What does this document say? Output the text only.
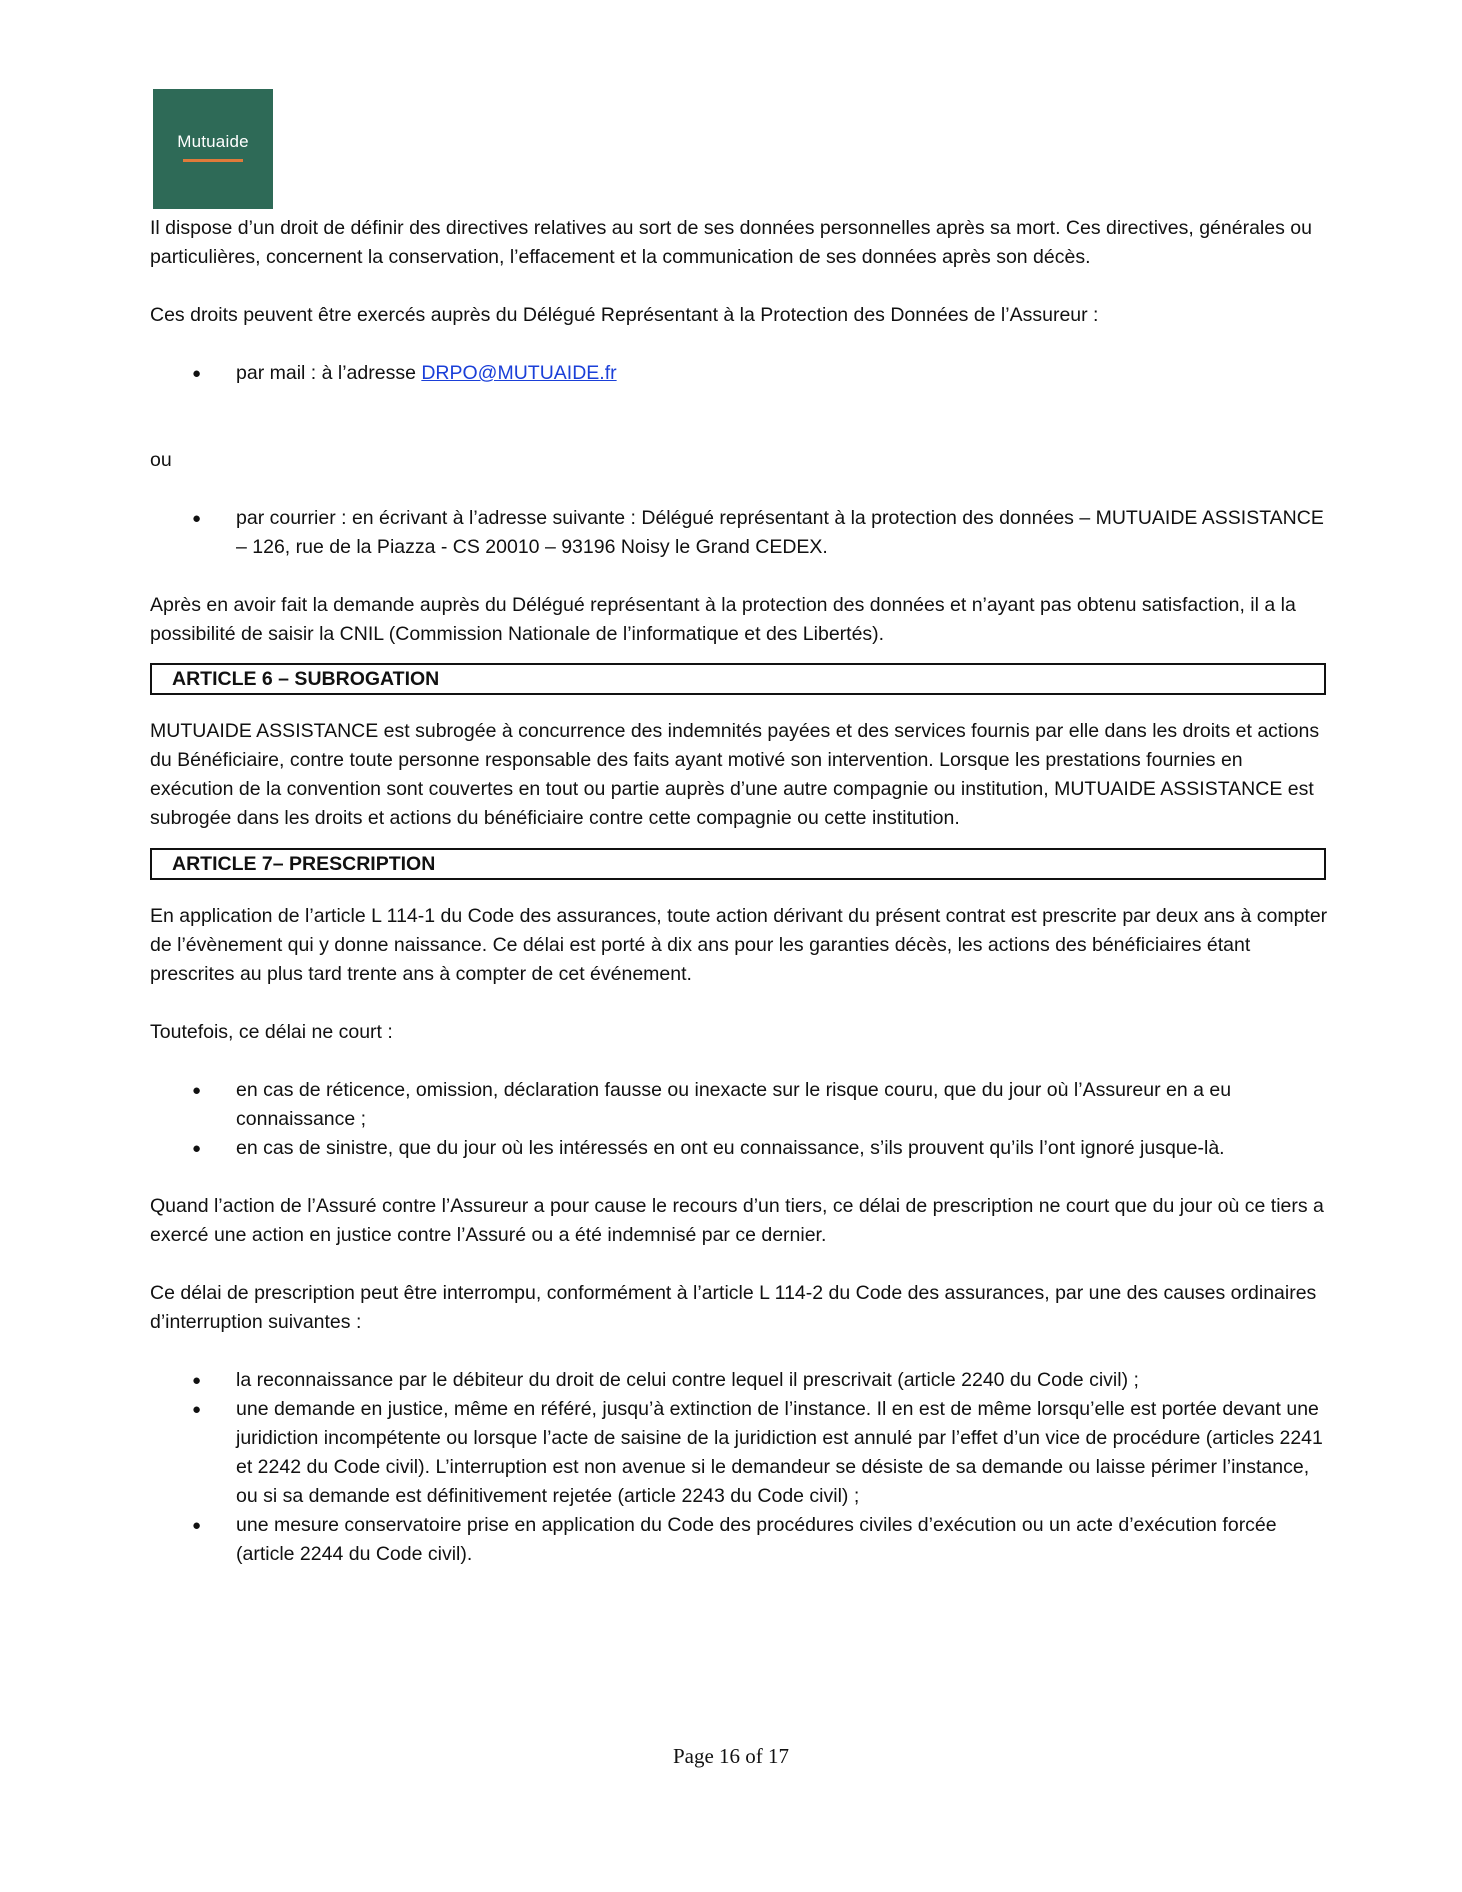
Mutuaide

Il dispose d’un droit de définir des directives relatives au sort de ses données personnelles après sa mort. Ces directives, générales ou particulières, concernent la conservation, l’effacement et la communication de ses données après son décès.

Ces droits peuvent être exercés auprès du Délégué Représentant à la Protection des Données de l’Assureur :

● par mail : à l’adresse DRPO@MUTUAIDE.fr

ou

● par courrier : en écrivant à l’adresse suivante : Délégué représentant à la protection des données – MUTUAIDE ASSISTANCE – 126, rue de la Piazza - CS 20010 – 93196 Noisy le Grand CEDEX.

Après en avoir fait la demande auprès du Délégué représentant à la protection des données et n’ayant pas obtenu satisfaction, il a la possibilité de saisir la CNIL (Commission Nationale de l’informatique et des Libertés).

ARTICLE 6 – SUBROGATION

MUTUAIDE ASSISTANCE est subrogée à concurrence des indemnités payées et des services fournis par elle dans les droits et actions du Bénéficiaire, contre toute personne responsable des faits ayant motivé son intervention. Lorsque les prestations fournies en exécution de la convention sont couvertes en tout ou partie auprès d’une autre compagnie ou institution, MUTUAIDE ASSISTANCE est subrogée dans les droits et actions du bénéficiaire contre cette compagnie ou cette institution.

ARTICLE 7– PRESCRIPTION

En application de l’article L 114-1 du Code des assurances, toute action dérivant du présent contrat est prescrite par deux ans à compter de l’évènement qui y donne naissance. Ce délai est porté à dix ans pour les garanties décès, les actions des bénéficiaires étant prescrites au plus tard trente ans à compter de cet événement.

Toutefois, ce délai ne court :

● en cas de réticence, omission, déclaration fausse ou inexacte sur le risque couru, que du jour où l’Assureur en a eu connaissance ;
● en cas de sinistre, que du jour où les intéressés en ont eu connaissance, s’ils prouvent qu’ils l’ont ignoré jusque-là.

Quand l’action de l’Assuré contre l’Assureur a pour cause le recours d’un tiers, ce délai de prescription ne court que du jour où ce tiers a exercé une action en justice contre l’Assuré ou a été indemnisé par ce dernier.

Ce délai de prescription peut être interrompu, conformément à l’article L 114-2 du Code des assurances, par une des causes ordinaires d’interruption suivantes :

● la reconnaissance par le débiteur du droit de celui contre lequel il prescrivait (article 2240 du Code civil) ;
● une demande en justice, même en référé, jusqu’à extinction de l’instance. Il en est de même lorsqu’elle est portée devant une juridiction incompétente ou lorsque l’acte de saisine de la juridiction est annulé par l’effet d’un vice de procédure (articles 2241 et 2242 du Code civil). L’interruption est non avenue si le demandeur se désiste de sa demande ou laisse périmer l’instance, ou si sa demande est définitivement rejetée (article 2243 du Code civil) ;
● une mesure conservatoire prise en application du Code des procédures civiles d’exécution ou un acte d’exécution forcée (article 2244 du Code civil).
Page 16 of 17
